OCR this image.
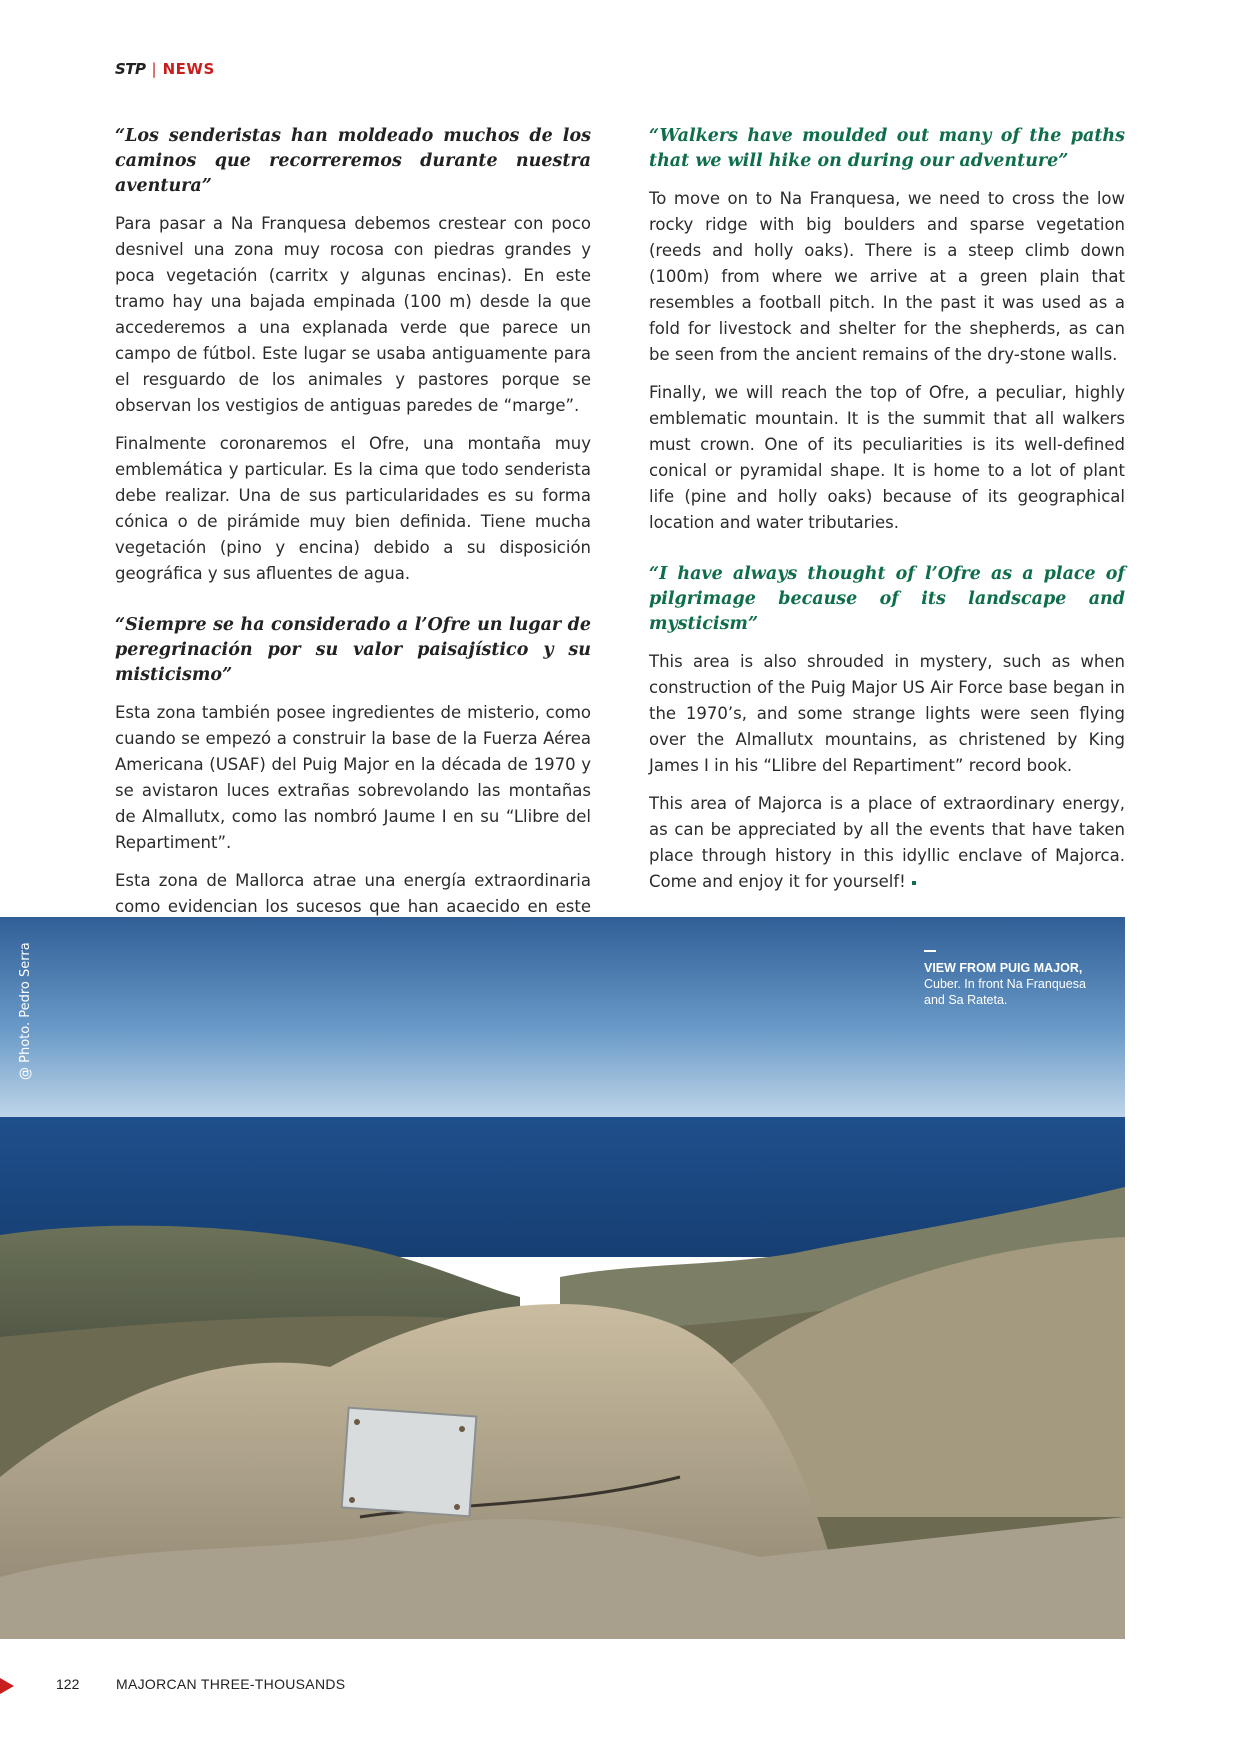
STP | NEWS

“Los senderistas han moldeado muchos de los caminos que recorreremos durante nuestra aventura”

Para pasar a Na Franquesa debemos crestear con poco desnivel una zona muy rocosa con piedras grandes y poca vegetación (carritx y algunas encinas). En este tramo hay una bajada empinada (100 m) desde la que accederemos a una explanada verde que parece un campo de fútbol. Este lugar se usaba antiguamente para el resguardo de los animales y pastores porque se observan los vestigios de antiguas paredes de “marge”.

Finalmente coronaremos el Ofre, una montaña muy emblemática y particular. Es la cima que todo senderista debe realizar. Una de sus particularidades es su forma cónica o de pirámide muy bien definida. Tiene mucha vegetación (pino y encina) debido a su disposición geográfica y sus afluentes de agua.

“Siempre se ha considerado a l’Ofre un lugar de peregrinación por su valor paisajístico y su misticismo”

Esta zona también posee ingredientes de misterio, como cuando se empezó a construir la base de la Fuerza Aérea Americana (USAF) del Puig Major en la década de 1970 y se avistaron luces extrañas sobrevolando las montañas de Almallutx, como las nombró Jaume I en su “Llibre del Repartiment”.

Esta zona de Mallorca atrae una energía extraordinaria como evidencian los sucesos que han acaecido en este

“Walkers have moulded out many of the paths that we will hike on during our adventure”

To move on to Na Franquesa, we need to cross the low rocky ridge with big boulders and sparse vegetation (reeds and holly oaks). There is a steep climb down (100m) from where we arrive at a green plain that resembles a football pitch. In the past it was used as a fold for livestock and shelter for the shepherds, as can be seen from the ancient remains of the dry-stone walls.

Finally, we will reach the top of Ofre, a peculiar, highly emblematic mountain. It is the summit that all walkers must crown. One of its peculiarities is its well-defined conical or pyramidal shape. It is home to a lot of plant life (pine and holly oaks) because of its geographical location and water tributaries.

“I have always thought of l’Ofre as a place of pilgrimage because of its landscape and mysticism”

This area is also shrouded in mystery, such as when construction of the Puig Major US Air Force base began in the 1970’s, and some strange lights were seen flying over the Almallutx mountains, as christened by King James I in his “Llibre del Repartiment” record book.

This area of Majorca is a place of extraordinary energy, as can be appreciated by all the events that have taken place through history in this idyllic enclave of Majorca. Come and enjoy it for yourself!

@ Photo. Pedro Serra	VIEW FROM PUIG MAJOR,
Cuber. In front Na Franquesa and Sa Rateta.
122	MAJORCAN THREE-THOUSANDS
